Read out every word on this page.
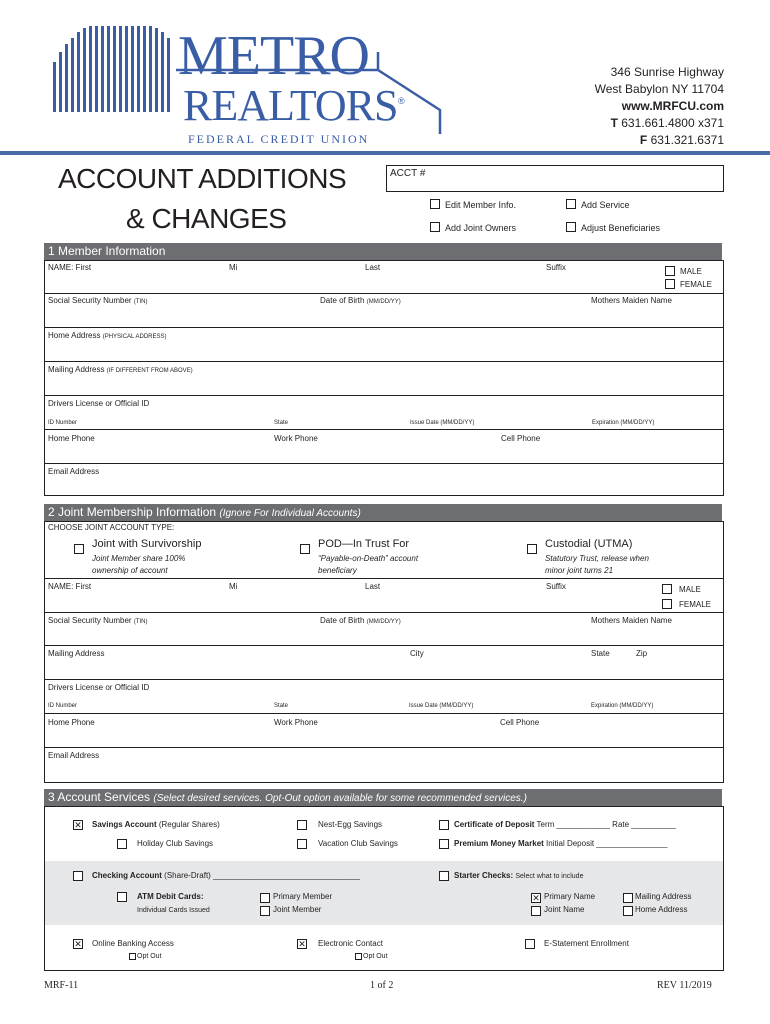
METRO
REALTORS ®
FEDERAL CREDIT UNION
346 Sunrise Highway
West Babylon NY 11704
www.MRFCU.com
T 631.661.4800 x371
F 631.321.6371
ACCOUNT ADDITIONS
& CHANGES
ACCT #
Edit Member Info.	Add Service
Add Joint Owners	Adjust Beneficiaries
1 Member Information
NAME: First	Mi	Last	Suffix	MALE
FEMALE
Social Security Number (TIN)	Date of Birth (MM/DD/YY)	Mothers Maiden Name
Home Address (PHYSICAL ADDRESS)
Mailing Address (IF DIFFERENT FROM ABOVE)
Drivers License or Official ID
ID Number	State	Issue Date (MM/DD/YY)	Expiration (MM/DD/YY)
Home Phone	Work Phone	Cell Phone
Email Address
2 Joint Membership Information (Ignore For Individual Accounts)
CHOOSE JOINT ACCOUNT TYPE:
Joint with Survivorship
Joint Member share 100%
ownership of account
POD—In Trust For
“Payable-on-Death” account
beneficiary
Custodial (UTMA)
Statutory Trust, release when
minor joint turns 21
NAME: First	Mi	Last	Suffix	MALE
FEMALE
Social Security Number (TIN)	Date of Birth (MM/DD/YY)	Mothers Maiden Name
Mailing Address	City	State	Zip
Drivers License or Official ID
ID Number	State	Issue Date (MM/DD/YY)	Expiration (MM/DD/YY)
Home Phone	Work Phone	Cell Phone
Email Address
3 Account Services (Select desired services. Opt-Out option available for some recommended services.)
✕
Savings Account (Regular Shares)	Nest-Egg Savings	Certificate of Deposit Term ____________ Rate __________
Holiday Club Savings	Vacation Club Savings	Premium Money Market Initial Deposit ________________
Checking Account (Share-Draft) _________________________________	Starter Checks: Select what to include
ATM Debit Cards:
Individual Cards Issued
Primary Member
Joint Member
✕
Primary Name
Joint Name
Mailing Address
Home Address
✕
Online Banking Access
Opt Out
✕
Electronic Contact
Opt Out
E-Statement Enrollment
MRF-11	1 of 2	REV 11/2019
